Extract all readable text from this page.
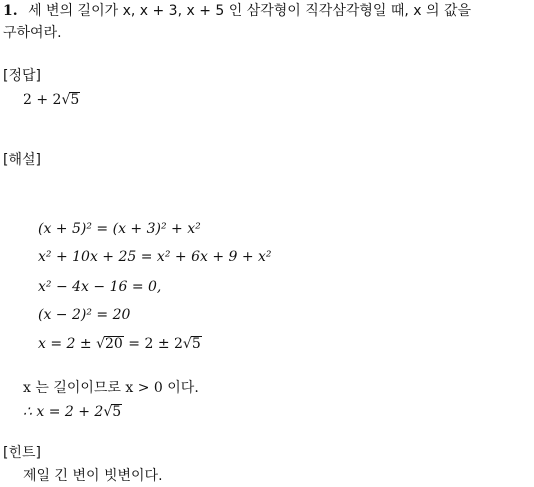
1. 세 변의 길이가 x, x + 3, x + 5 인 삼각형이 직각삼각형일 때, x 의 값을
구하여라.
[정답]
2 + 2√5
[해설]
(x + 5)² = (x + 3)² + x²
x² + 10x + 25 = x² + 6x + 9 + x²
x² − 4x − 16 = 0,
(x − 2)² = 20
x = 2 ± √20 = 2 ± 2√5
x 는 길이이므로 x > 0 이다.
∴ x = 2 + 2√5
[힌트]
제일 긴 변이 빗변이다.
